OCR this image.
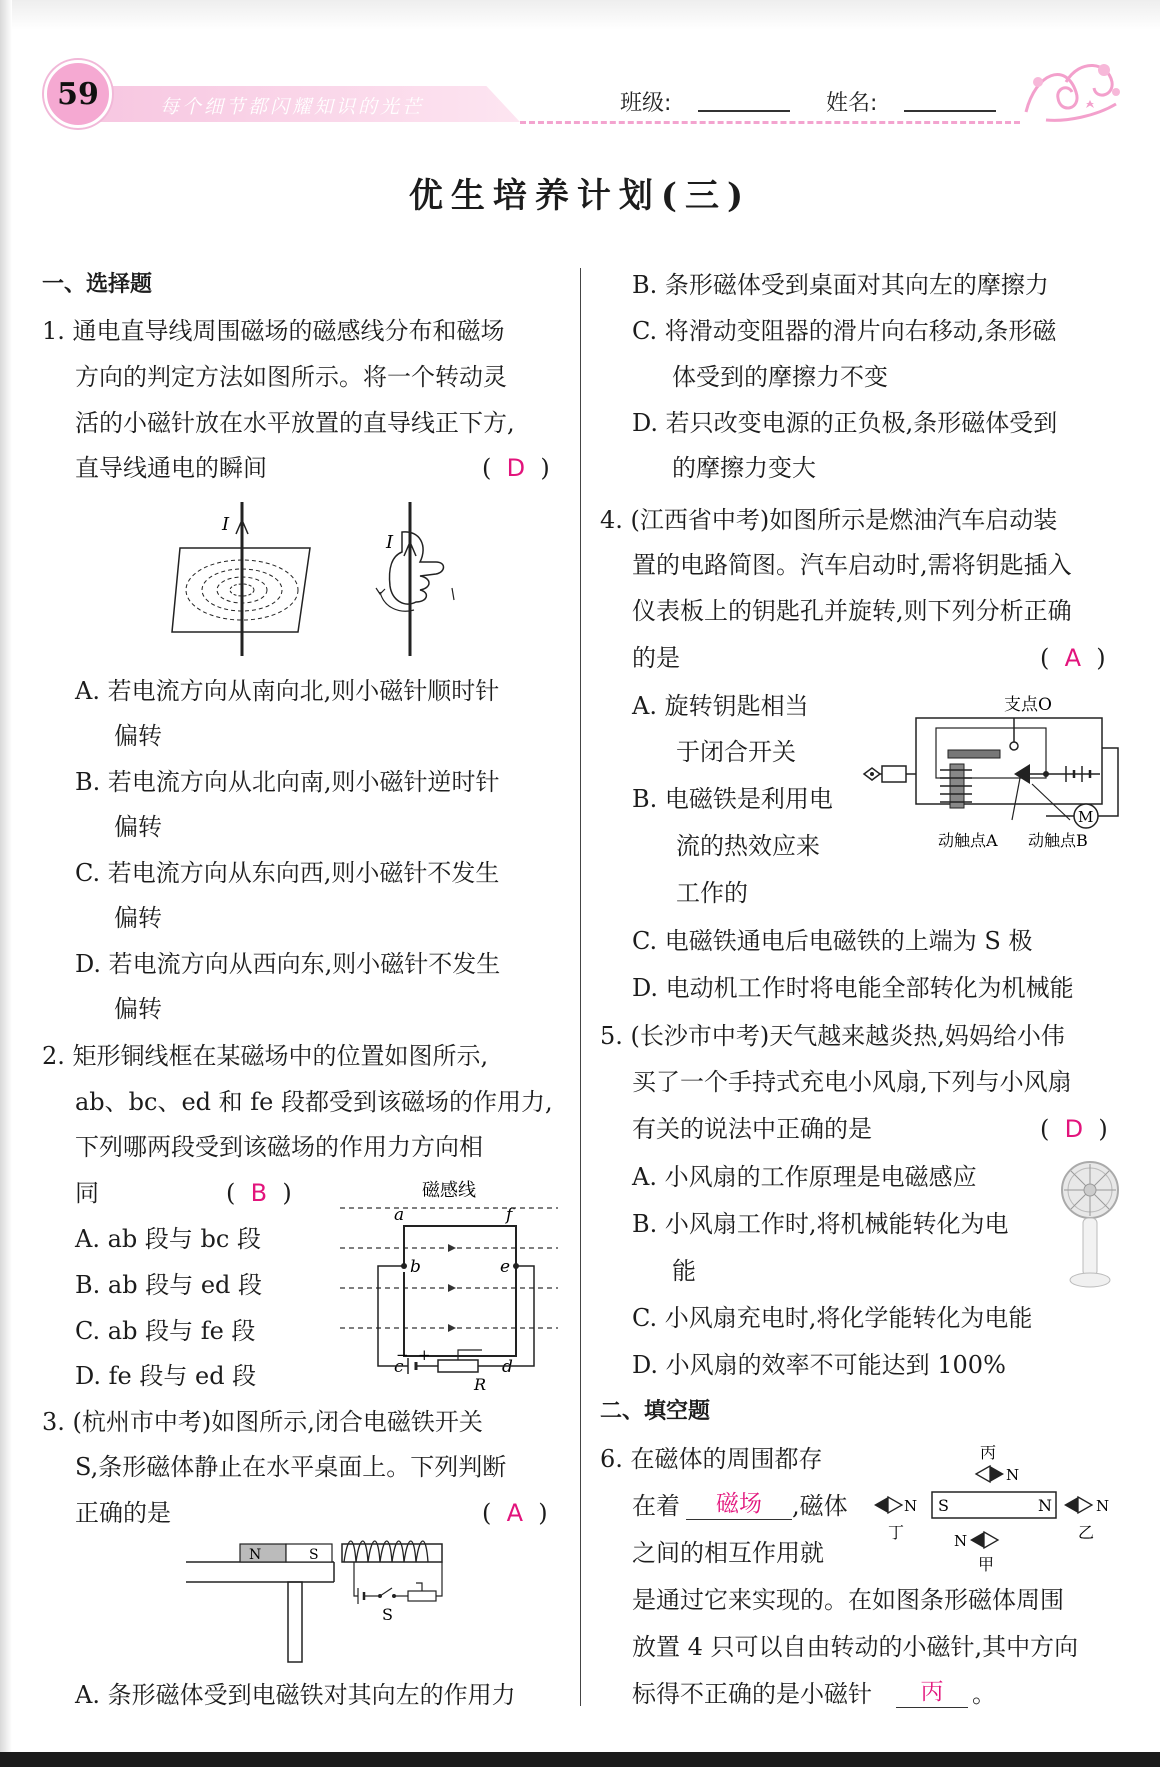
59	每个细节都闪耀知识的光芒	班级:	姓名:
优生培养计划(三)
一、选择题
1. 通电直导线周围磁场的磁感线分布和磁场
方向的判定方法如图所示。将一个转动灵
活的小磁针放在水平放置的直导线正下方,
直导线通电的瞬间	(  D  )
I
I
A. 若电流方向从南向北,则小磁针顺时针
偏转
B. 若电流方向从北向南,则小磁针逆时针
偏转
C. 若电流方向从东向西,则小磁针不发生
偏转
D. 若电流方向从西向东,则小磁针不发生
偏转
2. 矩形铜线框在某磁场中的位置如图所示,
ab、bc、ed 和 fe 段都受到该磁场的作用力,
下列哪两段受到该磁场的作用力方向相
同	(  B  )
A. ab 段与 bc 段
B. ab 段与 ed 段
C. ab 段与 fe 段
D. fe 段与 ed 段
磁感线
a	f
b	e
c	d
− +
R
3. (杭州市中考)如图所示,闭合电磁铁开关
S,条形磁体静止在水平桌面上。下列判断
正确的是	(  A  )
N	S
S
A. 条形磁体受到电磁铁对其向左的作用力
B. 条形磁体受到桌面对其向左的摩擦力
C. 将滑动变阻器的滑片向右移动,条形磁
体受到的摩擦力不变
D. 若只改变电源的正负极,条形磁体受到
的摩擦力变大
4. (江西省中考)如图所示是燃油汽车启动装
置的电路简图。汽车启动时,需将钥匙插入
仪表板上的钥匙孔并旋转,则下列分析正确
的是	(  A  )
A. 旋转钥匙相当
于闭合开关
B. 电磁铁是利用电
流的热效应来
工作的
支点O
M
动触点A 动触点B
C. 电磁铁通电后电磁铁的上端为 S 极
D. 电动机工作时将电能全部转化为机械能
5. (长沙市中考)天气越来越炎热,妈妈给小伟
买了一个手持式充电小风扇,下列与小风扇
有关的说法中正确的是	(  D  )
A. 小风扇的工作原理是电磁感应
B. 小风扇工作时,将机械能转化为电
能
C. 小风扇充电时,将化学能转化为电能
D. 小风扇的效率不可能达到 100%
二、填空题
6. 在磁体的周围都存
在着	磁场	,磁体
之间的相互作用就
是通过它来实现的。在如图条形磁体周围
放置 4 只可以自由转动的小磁针,其中方向
标得不正确的是小磁针	丙	。
丙
N
S	N
N
丁
N
乙
N
甲
